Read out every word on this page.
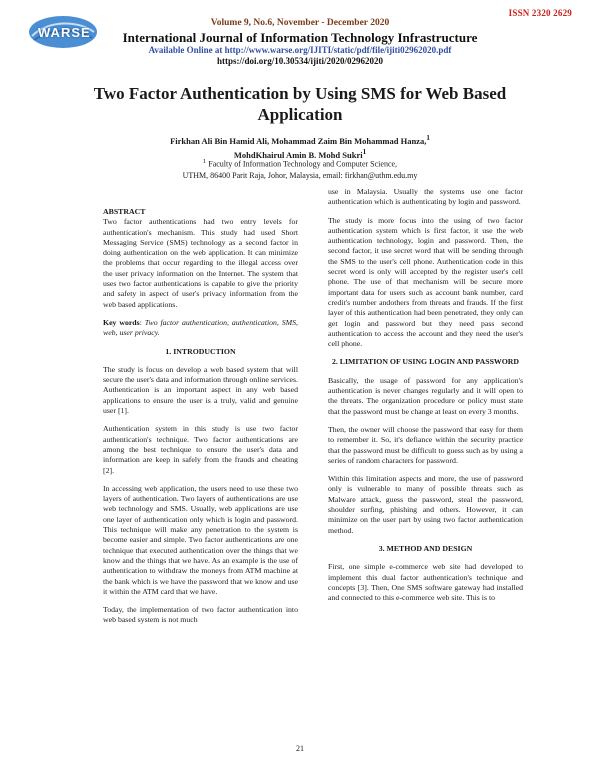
ISSN 2320 2629
WARSE
Volume 9, No.6, November - December 2020
International Journal of Information Technology Infrastructure
Available Online at http://www.warse.org/IJITI/static/pdf/file/ijiti02962020.pdf
https://doi.org/10.30534/ijiti/2020/02962020
Two Factor Authentication by Using SMS for Web Based Application
Firkhan Ali Bin Hamid Ali, Mohammad Zaim Bin Mohammad Hanza,$^1$
MohdKhairul Amin B. Mohd Sukri$^1$
$^1$ Faculty of Information Technology and Computer Science,
UTHM, 86400 Parit Raja, Johor, Malaysia, email: firkhan@uthm.edu.my
ABSTRACT

Two factor authentications had two entry levels for authentication's mechanism. This study had used Short Messaging Service (SMS) technology as a second factor in doing authentication on the web application. It can minimize the problems that occur regarding to the illegal access over the user privacy information on the Internet. The system that uses two factor authentications is capable to give the priority and safety in aspect of user's privacy information from the web based applications.

Key words: Two factor authentication, authentication, SMS, web, user privacy.

1. INTRODUCTION

The study is focus on develop a web based system that will secure the user's data and information through online services. Authentication is an important aspect in any web based applications to ensure the user is a truly, valid and genuine user [1].

Authentication system in this study is use two factor authentication's technique. Two factor authentications are among the best technique to ensure the user's data and information are keep in safely from the frauds and cheating [2].

In accessing web application, the users need to use these two layers of authentication. Two layers of authentications are use web technology and SMS. Usually, web applications are use one layer of authentication only which is login and password. This technique will make any penetration to the system is become easier and simple. Two factor authentications are one technique that executed authentication over the things that we know and the things that we have. As an example is the use of authentication to withdraw the moneys from ATM machine at the bank which is we have the password that we know and use it within the ATM card that we have.

Today, the implementation of two factor authentication into web based system is not much

use in Malaysia. Usually the systems use one factor authentication which is authenticating by login and password.

The study is more focus into the using of two factor authentication system which is first factor, it use the web authentication technology, login and password. Then, the second factor, it use secret word that will be sending through the SMS to the user's cell phone. Authentication code in this secret word is only will accepted by the register user's cell phone. The use of that mechanism will be secure more important data for users such as account bank number, card credit's number andothers from threats and frauds. If the first layer of this authentication had been penetrated, they only can get login and password but they need pass second authentication to access the account and they need the user's cell phone.

2. LIMITATION OF USING LOGIN AND PASSWORD

Basically, the usage of password for any application's authentication is never changes regularly and it will open to the threats. The organization procedure or policy must state that the password must be change at least on every 3 months.

Then, the owner will choose the password that easy for them to remember it. So, it's defiance within the security practice that the password must be difficult to guess such as by using a series of random characters for password.

Within this limitation aspects and more, the use of password only is vulnerable to many of possible threats such as Malware attack, guess the password, steal the password, shoulder surfing, phishing and others. However, it can minimize on the user part by using two factor authentication method.

3. METHOD AND DESIGN

First, one simple e-commerce web site had developed to implement this dual factor authentication's technique and concepts [3]. Then, One SMS software gateway had installed and connected to this e-commerce web site. This is to

21
